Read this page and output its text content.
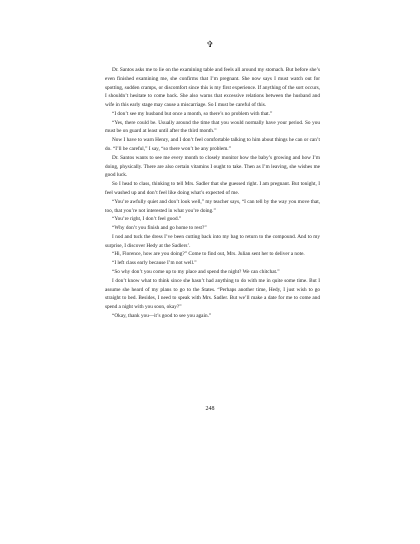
✞

Dr. Santos asks me to lie on the examining table and feels all around my stomach. But before she’s even finished examining me, she confirms that I’m pregnant. She now says I must watch out for spotting, sudden cramps, or discomfort since this is my first experience. If anything of the sort occurs, I shouldn’t hesitate to come back. She also warns that excessive relations between the husband and wife in this early stage may cause a miscarriage. So I must be careful of this.

“I don’t see my husband but once a month, so there’s no problem with that.”

“Yes, there could be. Usually around the time that you would normally have your period. So you must be on guard at least until after the third month.”

Now I have to warn Henry, and I don’t feel comfortable talking to him about things he can or can’t do. “I’ll be careful,” I say, “so there won’t be any problem.”

Dr. Santos wants to see me every month to closely monitor how the baby’s growing and how I’m doing, physically. There are also certain vitamins I ought to take. Then as I’m leaving, she wishes me good luck.

So I head to class, thinking to tell Mrs. Sadler that she guessed right. I am pregnant. But tonight, I feel washed up and don’t feel like doing what’s expected of me.

“You’re awfully quiet and don’t look well,” my teacher says, “I can tell by the way you move that, too, that you’re not interested in what you’re doing.”

“You’re right, I don’t feel good.”

“Why don’t you finish and go home to rest?”

I nod and tuck the dress I’ve been cutting back into my bag to return to the compound. And to my surprise, I discover Hedy at the Sadlers’.

“Hi, Florence, how are you doing?” Come to find out, Mrs. Julian sent her to deliver a note.

“I left class early because I’m not well.”

“So why don’t you come up to my place and spend the night? We can chitchat.”

I don’t know what to think since she hasn’t had anything to do with me in quite some time. But I assume she heard of my plans to go to the States. “Perhaps another time, Hedy, I just wish to go straight to bed. Besides, I need to speak with Mrs. Sadler. But we’ll make a date for me to come and spend a night with you soon, okay?”

“Okay, thank you—it’s good to see you again.”

248
